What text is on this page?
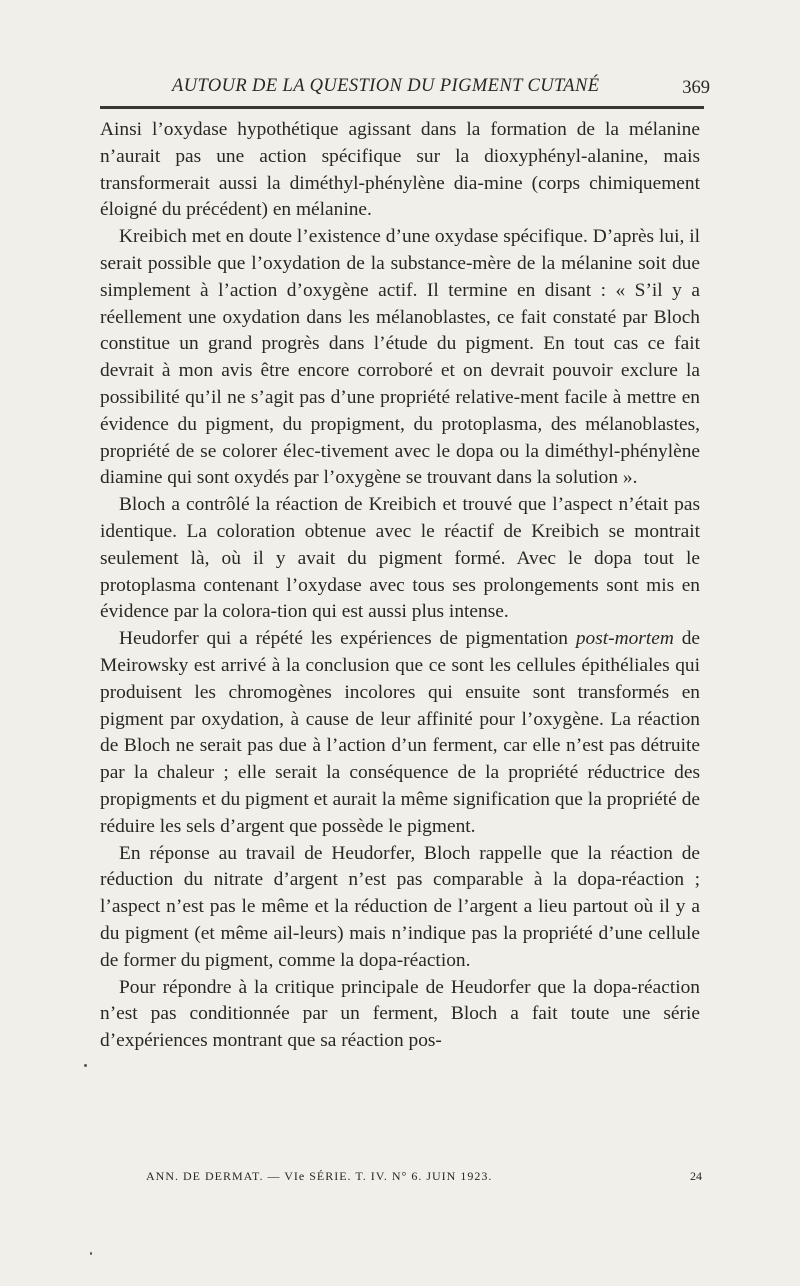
AUTOUR DE LA QUESTION DU PIGMENT CUTANÉ	369

Ainsi l’oxydase hypothétique agissant dans la formation de la mélanine n’aurait pas une action spécifique sur la dioxyphényl-alanine, mais transformerait aussi la diméthyl-phénylène dia-mine (corps chimiquement éloigné du précédent) en mélanine.

Kreibich met en doute l’existence d’une oxydase spécifique. D’après lui, il serait possible que l’oxydation de la substance-mère de la mélanine soit due simplement à l’action d’oxygène actif. Il termine en disant : « S’il y a réellement une oxydation dans les mélanoblastes, ce fait constaté par Bloch constitue un grand progrès dans l’étude du pigment. En tout cas ce fait devrait à mon avis être encore corroboré et on devrait pouvoir exclure la possibilité qu’il ne s’agit pas d’une propriété relative-ment facile à mettre en évidence du pigment, du propigment, du protoplasma, des mélanoblastes, propriété de se colorer élec-tivement avec le dopa ou la diméthyl-phénylène diamine qui sont oxydés par l’oxygène se trouvant dans la solution ».

Bloch a contrôlé la réaction de Kreibich et trouvé que l’aspect n’était pas identique. La coloration obtenue avec le réactif de Kreibich se montrait seulement là, où il y avait du pigment formé. Avec le dopa tout le protoplasma contenant l’oxydase avec tous ses prolongements sont mis en évidence par la colora-tion qui est aussi plus intense.

Heudorfer qui a répété les expériences de pigmentation post-mortem de Meirowsky est arrivé à la conclusion que ce sont les cellules épithéliales qui produisent les chromogènes incolores qui ensuite sont transformés en pigment par oxydation, à cause de leur affinité pour l’oxygène. La réaction de Bloch ne serait pas due à l’action d’un ferment, car elle n’est pas détruite par la chaleur ; elle serait la conséquence de la propriété réductrice des propigments et du pigment et aurait la même signification que la propriété de réduire les sels d’argent que possède le pigment.

En réponse au travail de Heudorfer, Bloch rappelle que la réaction de réduction du nitrate d’argent n’est pas comparable à la dopa-réaction ; l’aspect n’est pas le même et la réduction de l’argent a lieu partout où il y a du pigment (et même ail-leurs) mais n’indique pas la propriété d’une cellule de former du pigment, comme la dopa-réaction.

Pour répondre à la critique principale de Heudorfer que la dopa-réaction n’est pas conditionnée par un ferment, Bloch a fait toute une série d’expériences montrant que sa réaction pos-

ANN. DE DERMAT. — VIe SÉRIE. T. IV. N° 6. JUIN 1923.	24
